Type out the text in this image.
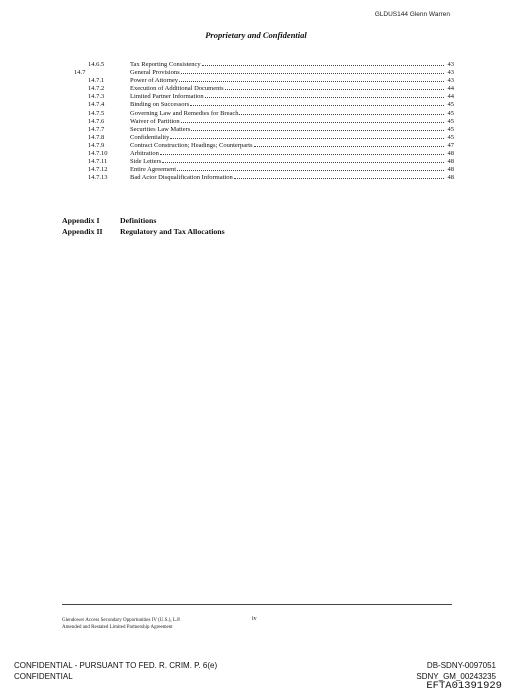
GLDUS144 Glenn Warren
Proprietary and Confidential
14.6.5	Tax Reporting Consistency	43
14.7	General Provisions	43
14.7.1	Power of Attorney	43
14.7.2	Execution of Additional Documents	44
14.7.3	Limited Partner Information	44
14.7.4	Binding on Successors	45
14.7.5	Governing Law and Remedies for Breach	45
14.7.6	Waiver of Partition	45
14.7.7	Securities Law Matters	45
14.7.8	Confidentiality	45
14.7.9	Contract Construction; Headings; Counterparts	47
14.7.10	Arbitration	48
14.7.11	Side Letters	48
14.7.12	Entire Agreement	48
14.7.13	Bad Actor Disqualification Information	48
Appendix I	Definitions
Appendix II Regulatory and Tax Allocations
Glendower Access Secondary Opportunities IV (U.S.), L.P.
Amended and Restated Limited Partnership Agreement
iv
CONFIDENTIAL - PURSUANT TO FED. R. CRIM. P. 6(e)
CONFIDENTIAL
DB-SDNY-0097051
SDNY_GM_00243235
EFTA01391929
